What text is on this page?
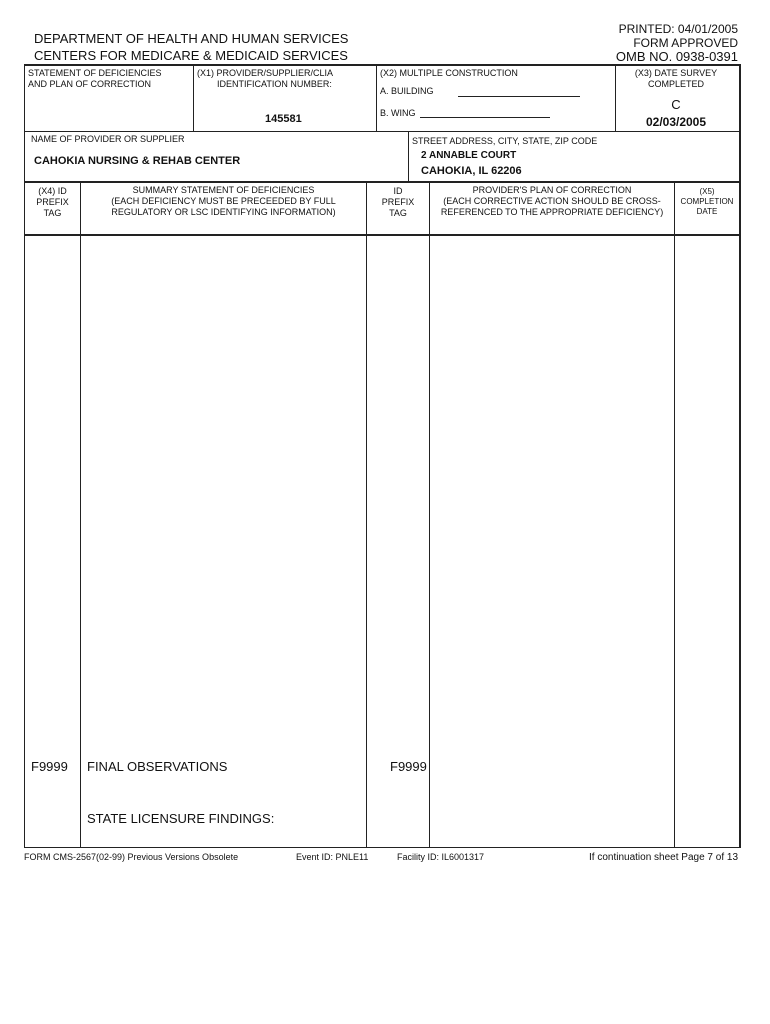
DEPARTMENT OF HEALTH AND HUMAN SERVICES
CENTERS FOR MEDICARE & MEDICAID SERVICES
PRINTED: 04/01/2005
FORM APPROVED
OMB NO. 0938-0391
STATEMENT OF DEFICIENCIES
AND PLAN OF CORRECTION
(X1) PROVIDER/SUPPLIER/CLIA
IDENTIFICATION NUMBER:
145581
(X2) MULTIPLE CONSTRUCTION
A. BUILDING
B. WING
(X3) DATE SURVEY
COMPLETED
C
02/03/2005
NAME OF PROVIDER OR SUPPLIER
CAHOKIA NURSING & REHAB CENTER
STREET ADDRESS, CITY, STATE, ZIP CODE
2 ANNABLE COURT
CAHOKIA, IL 62206
(X4) ID
PREFIX
TAG
SUMMARY STATEMENT OF DEFICIENCIES
(EACH DEFICIENCY MUST BE PRECEEDED BY FULL
REGULATORY OR LSC IDENTIFYING INFORMATION)
ID
PREFIX
TAG
PROVIDER'S PLAN OF CORRECTION
(EACH CORRECTIVE ACTION SHOULD BE CROSS-
REFERENCED TO THE APPROPRIATE DEFICIENCY)
(X5)
COMPLETION
DATE
F9999 FINAL OBSERVATIONS	F9999
STATE LICENSURE FINDINGS:
FORM CMS-2567(02-99) Previous Versions Obsolete	Event ID: PNLE11	Facility ID: IL6001317	If continuation sheet Page 7 of 13
